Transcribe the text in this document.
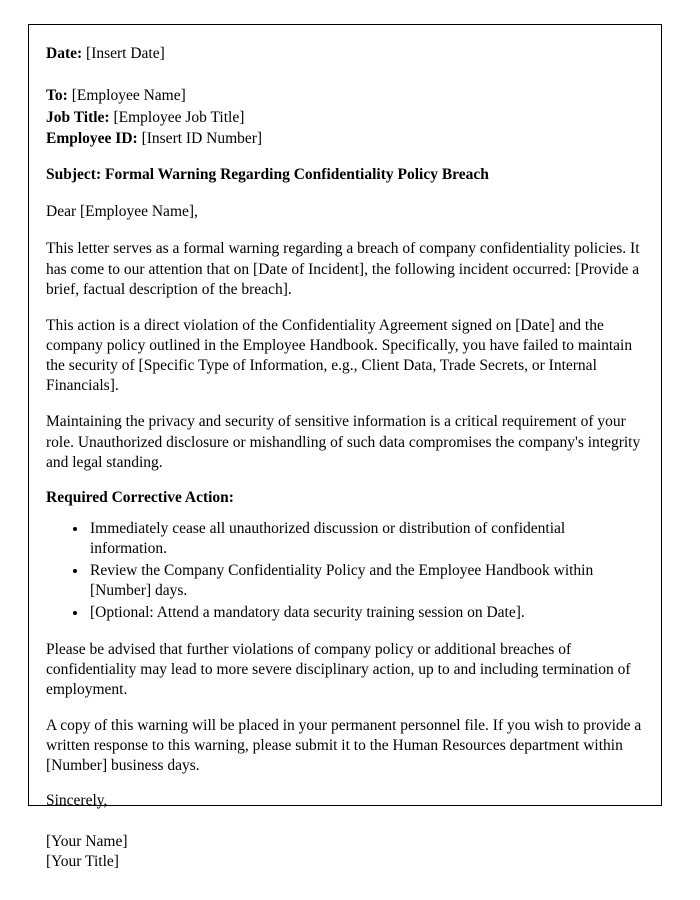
Date: [Insert Date]
To: [Employee Name]
Job Title: [Employee Job Title]
Employee ID: [Insert ID Number]
Subject: Formal Warning Regarding Confidentiality Policy Breach
Dear [Employee Name],

This letter serves as a formal warning regarding a breach of company confidentiality policies. It has come to our attention that on [Date of Incident], the following incident occurred: [Provide a brief, factual description of the breach].

This action is a direct violation of the Confidentiality Agreement signed on [Date] and the company policy outlined in the Employee Handbook. Specifically, you have failed to maintain the security of [Specific Type of Information, e.g., Client Data, Trade Secrets, or Internal Financials].

Maintaining the privacy and security of sensitive information is a critical requirement of your role. Unauthorized disclosure or mishandling of such data compromises the company's integrity and legal standing.

Required Corrective Action:
• Immediately cease all unauthorized discussion or distribution of confidential information.
• Review the Company Confidentiality Policy and the Employee Handbook within [Number] days.
• [Optional: Attend a mandatory data security training session on Date].

Please be advised that further violations of company policy or additional breaches of confidentiality may lead to more severe disciplinary action, up to and including termination of employment.

A copy of this warning will be placed in your permanent personnel file. If you wish to provide a written response to this warning, please submit it to the Human Resources department within [Number] business days.

Sincerely,
[Your Name]
[Your Title]
